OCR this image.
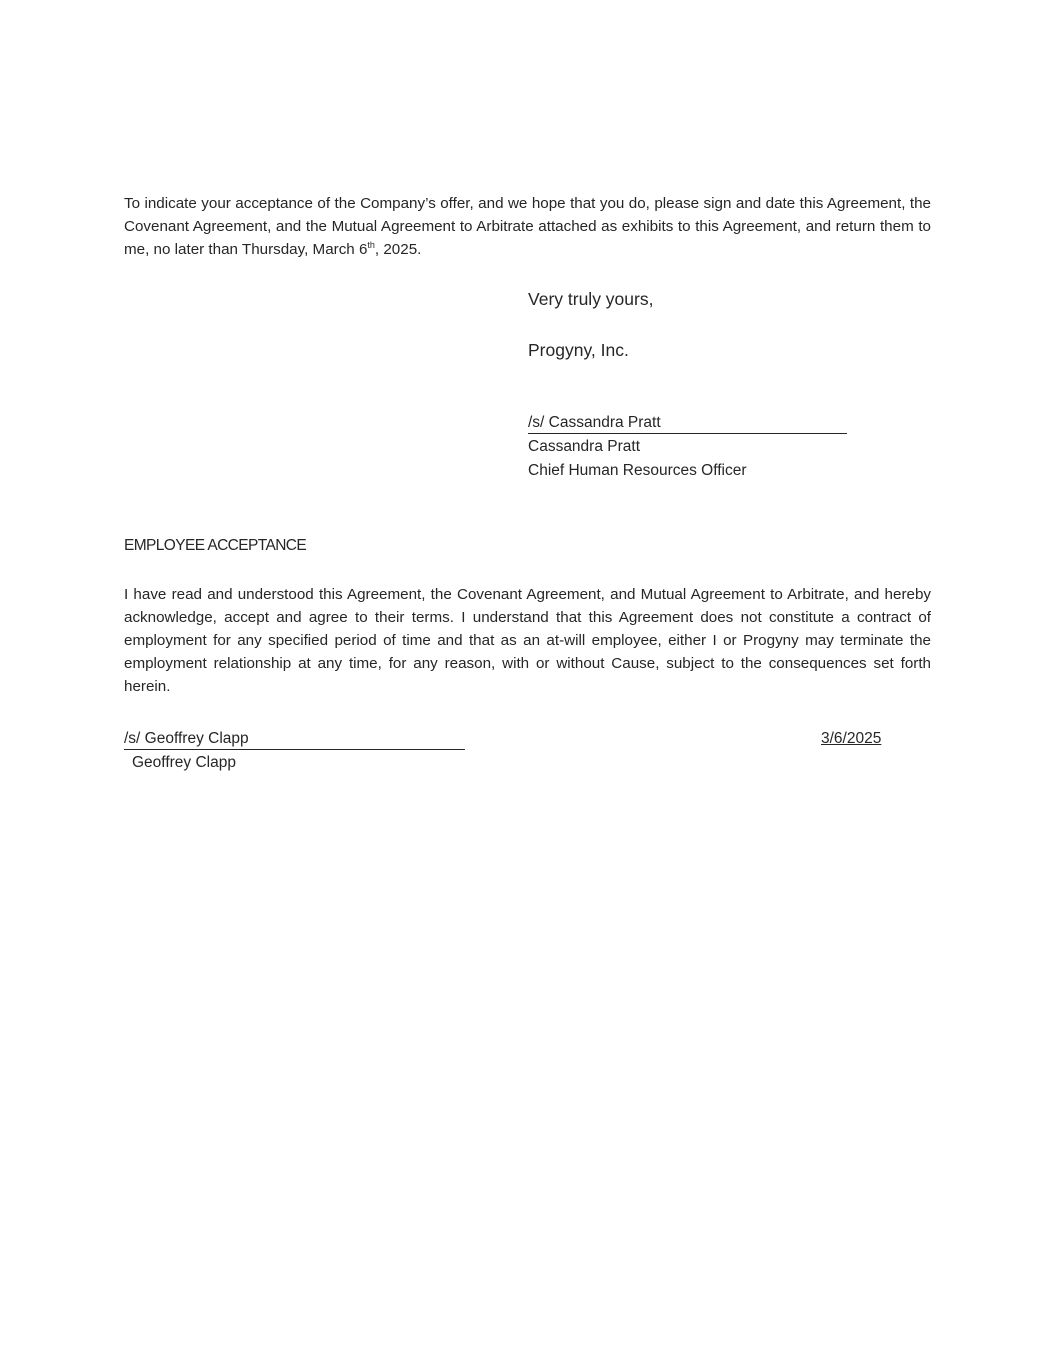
To indicate your acceptance of the Company’s offer, and we hope that you do, please sign and date this Agreement, the Covenant Agreement, and the Mutual Agreement to Arbitrate attached as exhibits to this Agreement, and return them to me, no later than Thursday, March 6th, 2025.

Very truly yours,

Progyny, Inc.

/s/ Cassandra Pratt
Cassandra Pratt
Chief Human Resources Officer
EMPLOYEE ACCEPTANCE

I have read and understood this Agreement, the Covenant Agreement, and Mutual Agreement to Arbitrate, and hereby acknowledge, accept and agree to their terms. I understand that this Agreement does not constitute a contract of employment for any specified period of time and that as an at-will employee, either I or Progyny may terminate the employment relationship at any time, for any reason, with or without Cause, subject to the consequences set forth herein.

/s/ Geoffrey Clapp
Geoffrey Clapp
3/6/2025
